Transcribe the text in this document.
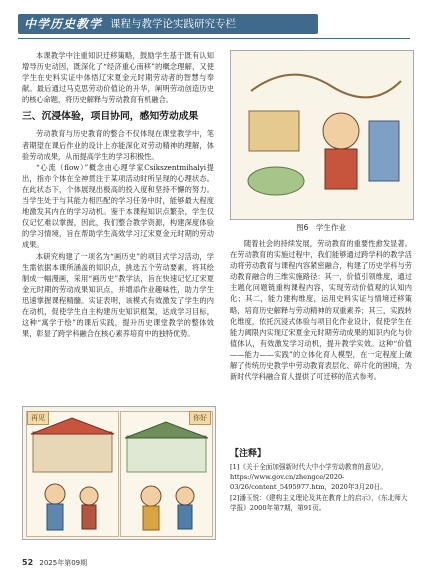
中学历史教学 课程与教学论实践研究专栏

本课教学中注重知识迁移策略，鼓励学生基于既有认知增导历史动因，既深化了“经济重心南移”的概念理解，又使学生在史料实证中体悟辽宋夏金元时期劳动者的智慧与奉献。最后通过马克思劳动价值论的升华，阐明劳动创造历史的核心命题，将历史解释与劳动教育有机融合。

三、沉浸体验，项目协同，感知劳动成果

劳动教育与历史教育的整合不仅体现在课堂教学中，笔者期望在课后作业的设计上亦能深化对劳动精神的理解，体验劳动成果，从而提高学生的学习积极性。

“心流（flow）”概念由心理学家Csikszentmihalyi提出，指亦个体在全神贯注于某项活动时所呈现的心理状态。在此状态下，个体展现出极高的投入度和坚持不懈的努力。当学生处于与其能力相匹配的学习任务中时，能够最大程度地激发其内在的学习动机。鉴于本课程知识点繁杂，学生仅仅记忆难以掌握，因此，我们整合教学资源，构建深度体验的学习情境，旨在帮助学生高效学习辽宋夏金元时期的劳动成果。

本研究构建了一项名为“画历史”的项目式学习活动，学生需依据本课所涵盖的知识点，挑选五个劳动要素，将其绘制成一幅漫画，采用“画历史”教学法，旨在快速记忆辽宋夏金元时期的劳动成果知识点，并增添作业趣味性，助力学生迅速掌握课程精髓。实证表明，该模式有效激发了学生的内在动机，促使学生自主构建历史知识框架，达成学习目标，这种“寓学于绘”的课后实践，提升历史课堂教学的整体效果，彰显了跨学科融合在核心素养培育中的独特优势。

再见	你好
图6　学生作业

随着社会的持续发展，劳动教育的重要性愈发显著。在劳动教育的实施过程中，我们能够通过跨学科的教学活动将劳动教育与课程内容紧密融合，构建了历史学科与劳动教育融合的三维实施路径：其一，价值引领维度，通过主题化问题链重构课程内容，实现劳动价值观的认知内化；其二，能力建构维度，运用史料实证与情境迁移策略，培育历史解释与劳动精神的双重素养；其三，实践转化维度，依托沉浸式体验与项目化作业设计，促使学生在能力阈限内实现辽宋夏金元时期劳动成果的知识内化与价值体认，有效激发学习动机，提升教学实效。这种“价值——能力——实践”的立体化育人模型，在一定程度上破解了传统历史教学中劳动教育表层化、碎片化的困境，为新时代学科融合育人提供了可迁移的范式参考。

【注释】

[1]《关于全面加强新时代大中小学劳动教育的意见》，https://www.gov.cn/zhengce/2020-03/26/content_5495977.htm，2020年3月20日。

[2]潘玉悦：《建构主义理论及其在教育上的启示》，《东北师大学报》2000年第7期，第91页。

52 2025年第09期
